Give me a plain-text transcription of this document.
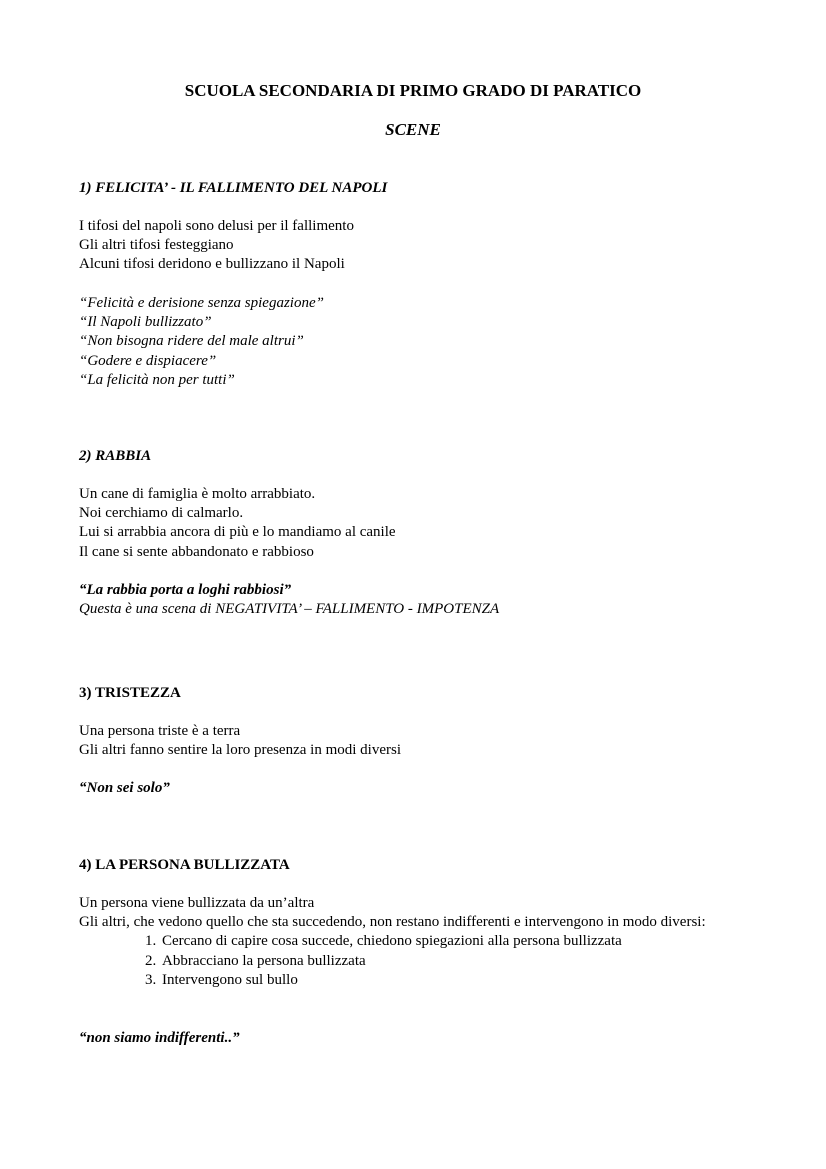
SCUOLA SECONDARIA DI PRIMO GRADO DI PARATICO
SCENE
1) FELICITA’ - IL FALLIMENTO DEL NAPOLI
I tifosi del napoli sono delusi per il fallimento
Gli altri tifosi festeggiano
Alcuni tifosi deridono e bullizzano il Napoli
“Felicità e derisione senza spiegazione”
“Il Napoli bullizzato”
“Non bisogna ridere del male altrui”
“Godere e dispiacere”
“La felicità non per tutti”
2) RABBIA
Un cane di famiglia è molto arrabbiato.
Noi cerchiamo di calmarlo.
Lui si arrabbia ancora di più e lo mandiamo al canile
Il cane si sente abbandonato e rabbioso
“La rabbia porta a loghi rabbiosi”
Questa è una scena di NEGATIVITA’ – FALLIMENTO - IMPOTENZA
3) TRISTEZZA
Una persona triste è a terra
Gli altri fanno sentire la loro presenza in modi diversi
“Non sei solo”
4) LA PERSONA BULLIZZATA
Un persona viene bullizzata da un’altra
Gli altri, che vedono quello che sta succedendo, non restano indifferenti e intervengono in modo diversi:
1. Cercano di capire cosa succede, chiedono spiegazioni alla persona bullizzata
2. Abbracciano la persona bullizzata
3. Intervengono sul bullo
“non siamo indifferenti..”
